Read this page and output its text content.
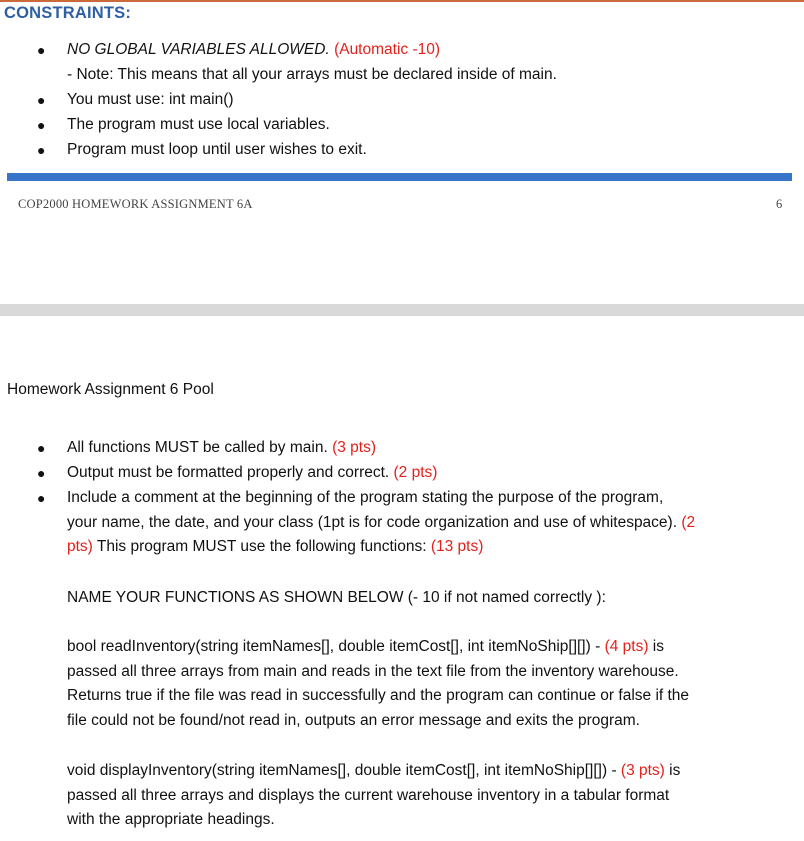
CONSTRAINTS:
● NO GLOBAL VARIABLES ALLOWED. (Automatic -10)
- Note: This means that all your arrays must be declared inside of main.
● You must use: int main()
● The program must use local variables.
● Program must loop until user wishes to exit.
COP2000 HOMEWORK ASSIGNMENT 6A	6
Homework Assignment 6 Pool
● All functions MUST be called by main. (3 pts)
● Output must be formatted properly and correct. (2 pts)
● Include a comment at the beginning of the program stating the purpose of the program,
your name, the date, and your class (1pt is for code organization and use of whitespace). (2
pts) This program MUST use the following functions: (13 pts)
NAME YOUR FUNCTIONS AS SHOWN BELOW (- 10 if not named correctly ):
bool readInventory(string itemNames[], double itemCost[], int itemNoShip[][]) - (4 pts) is
passed all three arrays from main and reads in the text file from the inventory warehouse.
Returns true if the file was read in successfully and the program can continue or false if the
file could not be found/not read in, outputs an error message and exits the program.
void displayInventory(string itemNames[], double itemCost[], int itemNoShip[][]) - (3 pts) is
passed all three arrays and displays the current warehouse inventory in a tabular format
with the appropriate headings.
